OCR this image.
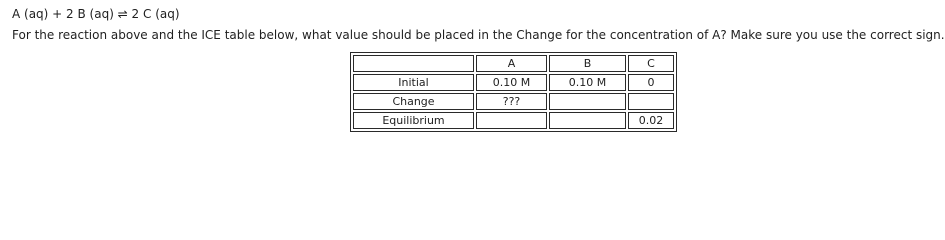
A (aq) + 2 B (aq) ⇌ 2 C (aq)
For the reaction above and the ICE table below, what value should be placed in the Change for the concentration of A? Make sure you use the correct sign.
	A	B	C
Initial	0.10 M	0.10 M	0
Change	???		
Equilibrium			0.02
